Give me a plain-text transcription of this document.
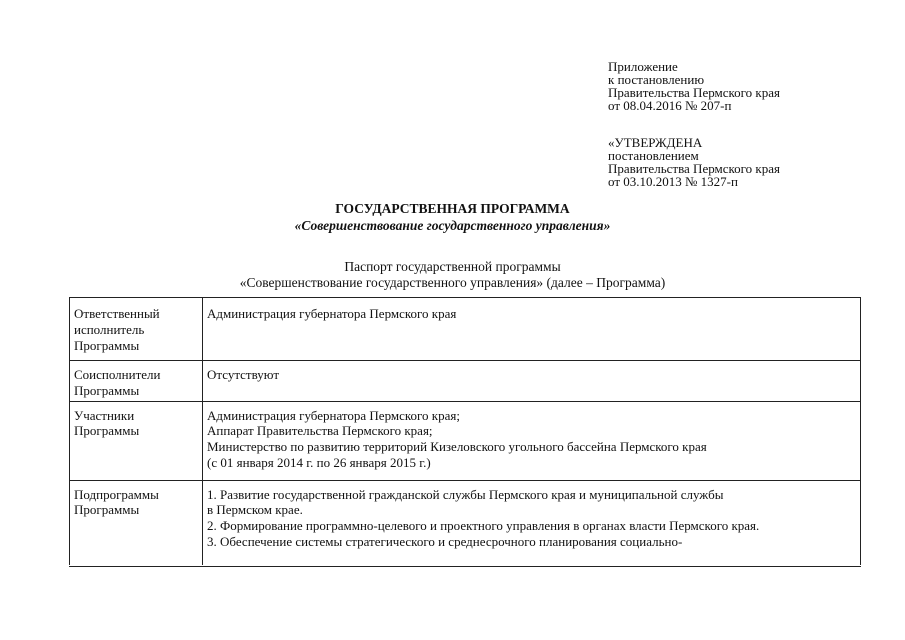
Приложение
к постановлению
Правительства Пермского края
от 08.04.2016 № 207-п
«УТВЕРЖДЕНА
постановлением
Правительства Пермского края
от 03.10.2013 № 1327-п
ГОСУДАРСТВЕННАЯ ПРОГРАММА
«Совершенствование государственного управления»
Паспорт государственной программы
«Совершенствование государственного управления» (далее – Программа)
Ответственный
исполнитель
Программы	Администрация губернатора Пермского края

Соисполнители
Программы	Отсутствуют

Участники
Программы	Администрация губернатора Пермского края;
Аппарат Правительства Пермского края;
Министерство по развитию территорий Кизеловского угольного бассейна Пермского края
(с 01 января 2014 г. по 26 января 2015 г.)

Подпрограммы
Программы	1. Развитие государственной гражданской службы Пермского края и муниципальной службы
в Пермском крае.
2. Формирование программно-целевого и проектного управления в органах власти Пермского края.
3. Обеспечение системы стратегического и среднесрочного планирования социально-
